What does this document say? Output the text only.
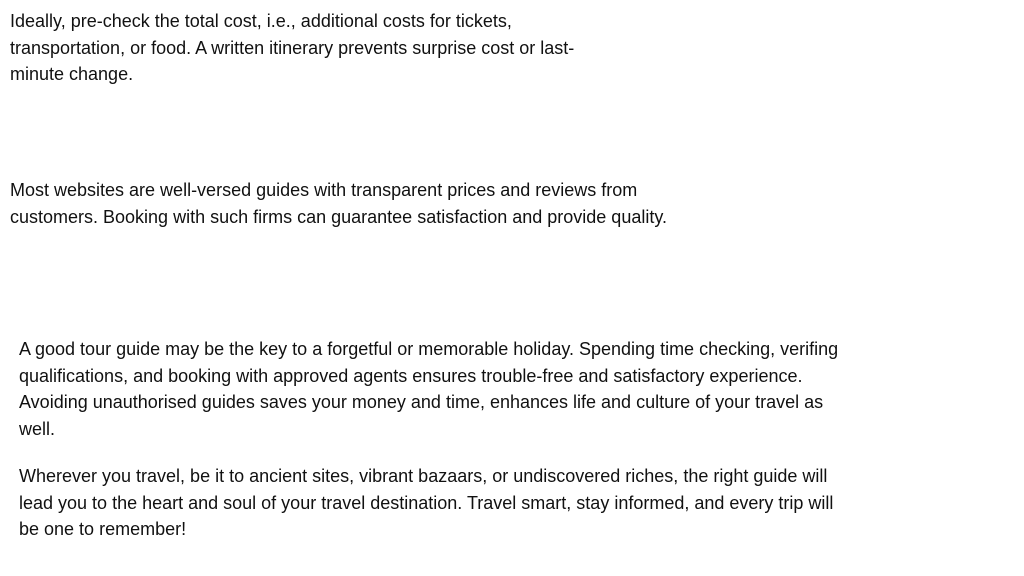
Ideally, pre-check the total cost, i.e., additional costs for tickets, transportation, or food. A written itinerary prevents surprise cost or last-minute change.

Most websites are well-versed guides with transparent prices and reviews from customers. Booking with such firms can guarantee satisfaction and provide quality.

A good tour guide may be the key to a forgetful or memorable holiday. Spending time checking, verifing qualifications, and booking with approved agents ensures trouble-free and satisfactory experience. Avoiding unauthorised guides saves your money and time, enhances life and culture of your travel as well.

Wherever you travel, be it to ancient sites, vibrant bazaars, or undiscovered riches, the right guide will lead you to the heart and soul of your travel destination. Travel smart, stay informed, and every trip will be one to remember!
